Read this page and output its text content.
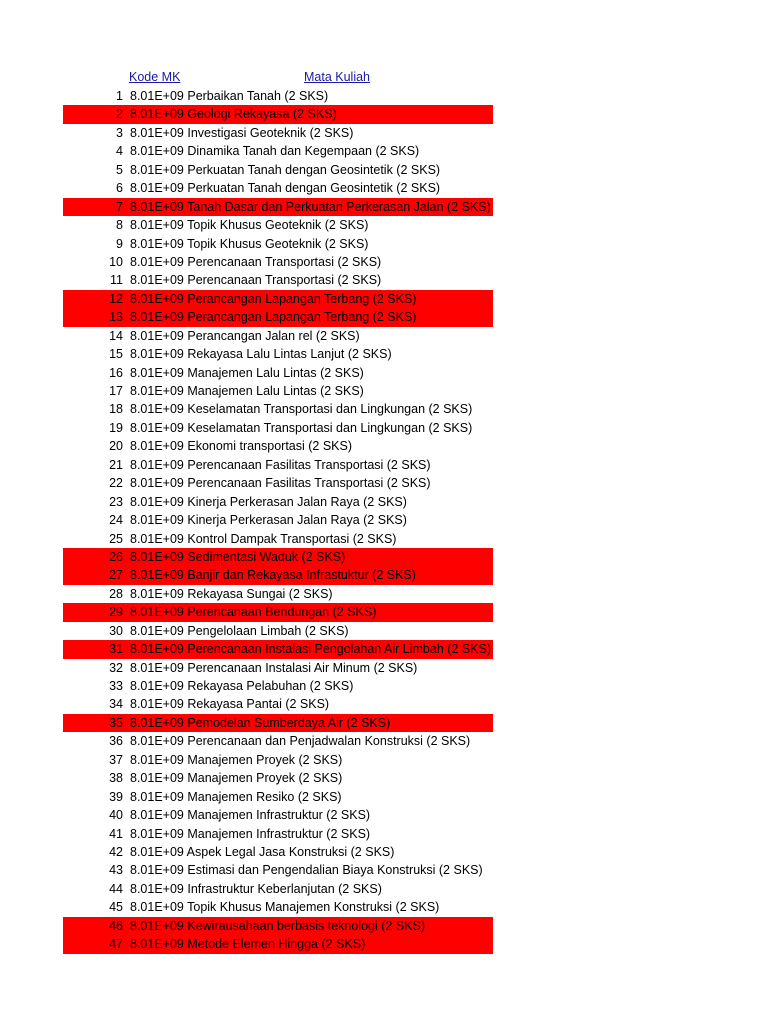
Kode MK	Mata Kuliah
1 8.01E+09 Perbaikan Tanah (2 SKS)
2 8.01E+09 Geologi Rekayasa (2 SKS)
3 8.01E+09 Investigasi Geoteknik (2 SKS)
4 8.01E+09 Dinamika Tanah dan Kegempaan (2 SKS)
5 8.01E+09 Perkuatan Tanah dengan Geosintetik (2 SKS)
6 8.01E+09 Perkuatan Tanah dengan Geosintetik (2 SKS)
7 8.01E+09 Tanah Dasar dan Perkuatan Perkerasan Jalan (2 SKS)
8 8.01E+09 Topik Khusus Geoteknik (2 SKS)
9 8.01E+09 Topik Khusus Geoteknik (2 SKS)
10 8.01E+09 Perencanaan Transportasi (2 SKS)
11 8.01E+09 Perencanaan Transportasi (2 SKS)
12 8.01E+09 Perancangan Lapangan Terbang (2 SKS)
13 8.01E+09 Perancangan Lapangan Terbang (2 SKS)
14 8.01E+09 Perancangan Jalan rel (2 SKS)
15 8.01E+09 Rekayasa Lalu Lintas Lanjut (2 SKS)
16 8.01E+09 Manajemen Lalu Lintas (2 SKS)
17 8.01E+09 Manajemen Lalu Lintas (2 SKS)
18 8.01E+09 Keselamatan Transportasi dan Lingkungan (2 SKS)
19 8.01E+09 Keselamatan Transportasi dan Lingkungan (2 SKS)
20 8.01E+09 Ekonomi transportasi (2 SKS)
21 8.01E+09 Perencanaan Fasilitas Transportasi (2 SKS)
22 8.01E+09 Perencanaan Fasilitas Transportasi (2 SKS)
23 8.01E+09 Kinerja Perkerasan Jalan Raya (2 SKS)
24 8.01E+09 Kinerja Perkerasan Jalan Raya (2 SKS)
25 8.01E+09 Kontrol Dampak Transportasi (2 SKS)
26 8.01E+09 Sedimentasi Waduk (2 SKS)
27 8.01E+09 Banjir dan Rekayasa Infrastuktur (2 SKS)
28 8.01E+09 Rekayasa Sungai (2 SKS)
29 8.01E+09 Perencanaan Bendungan (2 SKS)
30 8.01E+09 Pengelolaan Limbah (2 SKS)
31 8.01E+09 Perencanaan Instalasi Pengolahan Air Limbah (2 SKS)
32 8.01E+09 Perencanaan Instalasi Air Minum (2 SKS)
33 8.01E+09 Rekayasa Pelabuhan (2 SKS)
34 8.01E+09 Rekayasa Pantai (2 SKS)
35 8.01E+09 Pemodelan Sumberdaya Air (2 SKS)
36 8.01E+09 Perencanaan dan Penjadwalan Konstruksi (2 SKS)
37 8.01E+09 Manajemen Proyek (2 SKS)
38 8.01E+09 Manajemen Proyek (2 SKS)
39 8.01E+09 Manajemen Resiko (2 SKS)
40 8.01E+09 Manajemen Infrastruktur (2 SKS)
41 8.01E+09 Manajemen Infrastruktur (2 SKS)
42 8.01E+09 Aspek Legal Jasa Konstruksi (2 SKS)
43 8.01E+09 Estimasi dan Pengendalian Biaya Konstruksi (2 SKS)
44 8.01E+09 Infrastruktur Keberlanjutan (2 SKS)
45 8.01E+09 Topik Khusus Manajemen Konstruksi (2 SKS)
46 8.01E+09 Kewirausahaan berbasis teknologi (2 SKS)
47 8.01E+09 Metode Elemen Hingga (2 SKS)
